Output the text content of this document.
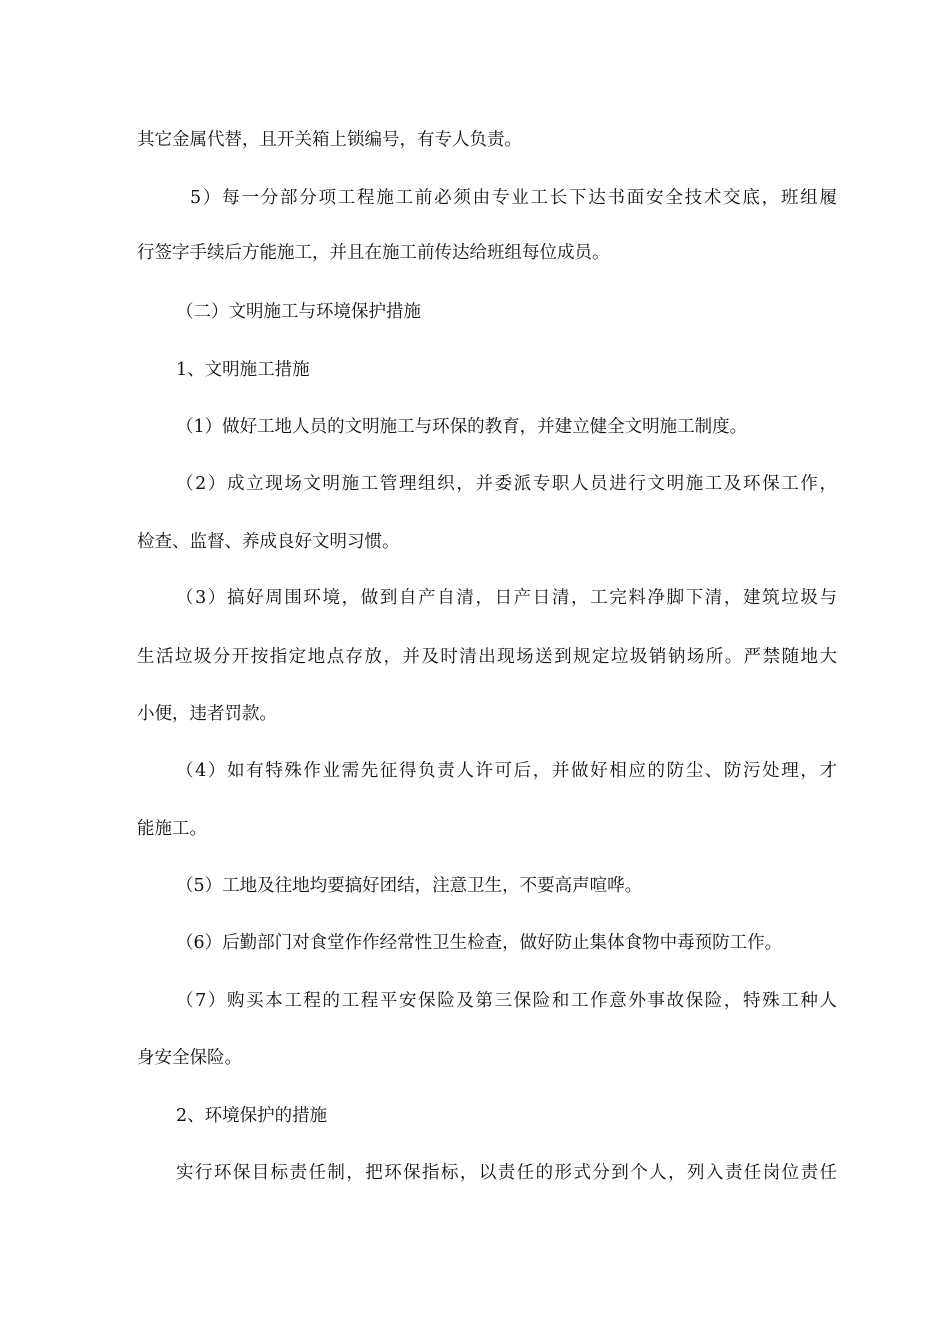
其它金属代替，且开关箱上锁编号，有专人负责。
5）每一分部分项工程施工前必须由专业工长下达书面安全技术交底，班组履
行签字手续后方能施工，并且在施工前传达给班组每位成员。
（二）文明施工与环境保护措施
1、文明施工措施
（1）做好工地人员的文明施工与环保的教育，并建立健全文明施工制度。
（2）成立现场文明施工管理组织，并委派专职人员进行文明施工及环保工作，
检查、监督、养成良好文明习惯。
（3）搞好周围环境，做到自产自清，日产日清，工完料净脚下清，建筑垃圾与
生活垃圾分开按指定地点存放，并及时清出现场送到规定垃圾销钠场所。严禁随地大
小便，违者罚款。
（4）如有特殊作业需先征得负责人许可后，并做好相应的防尘、防污处理，才
能施工。
（5）工地及往地均要搞好团结，注意卫生，不要高声喧哗。
（6）后勤部门对食堂作作经常性卫生检查，做好防止集体食物中毒预防工作。
（7）购买本工程的工程平安保险及第三保险和工作意外事故保险，特殊工种人
身安全保险。
2、环境保护的措施
实行环保目标责任制，把环保指标，以责任的形式分到个人，列入责任岗位责任
